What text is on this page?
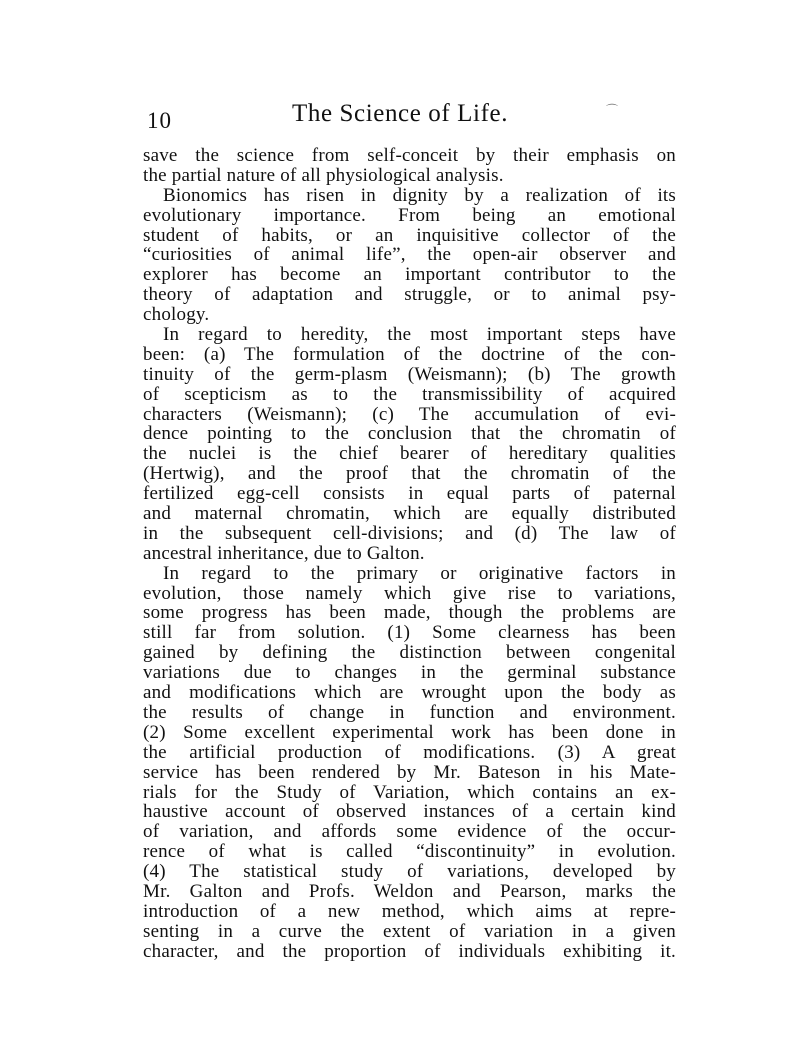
10	The Science of Life.	⌒
save the science from self-conceit by their emphasis on
the partial nature of all physiological analysis.
Bionomics has risen in dignity by a realization of its
evolutionary importance. From being an emotional
student of habits, or an inquisitive collector of the
“curiosities of animal life”, the open-air observer and
explorer has become an important contributor to the
theory of adaptation and struggle, or to animal psy-
chology.
In regard to heredity, the most important steps have
been: (a) The formulation of the doctrine of the con-
tinuity of the germ-plasm (Weismann); (b) The growth
of scepticism as to the transmissibility of acquired
characters (Weismann); (c) The accumulation of evi-
dence pointing to the conclusion that the chromatin of
the nuclei is the chief bearer of hereditary qualities
(Hertwig), and the proof that the chromatin of the
fertilized egg-cell consists in equal parts of paternal
and maternal chromatin, which are equally distributed
in the subsequent cell-divisions; and (d) The law of
ancestral inheritance, due to Galton.
In regard to the primary or originative factors in
evolution, those namely which give rise to variations,
some progress has been made, though the problems are
still far from solution. (1) Some clearness has been
gained by defining the distinction between congenital
variations due to changes in the germinal substance
and modifications which are wrought upon the body as
the results of change in function and environment.
(2) Some excellent experimental work has been done in
the artificial production of modifications. (3) A great
service has been rendered by Mr. Bateson in his Mate-
rials for the Study of Variation, which contains an ex-
haustive account of observed instances of a certain kind
of variation, and affords some evidence of the occur-
rence of what is called “discontinuity” in evolution.
(4) The statistical study of variations, developed by
Mr. Galton and Profs. Weldon and Pearson, marks the
introduction of a new method, which aims at repre-
senting in a curve the extent of variation in a given
character, and the proportion of individuals exhibiting it.
